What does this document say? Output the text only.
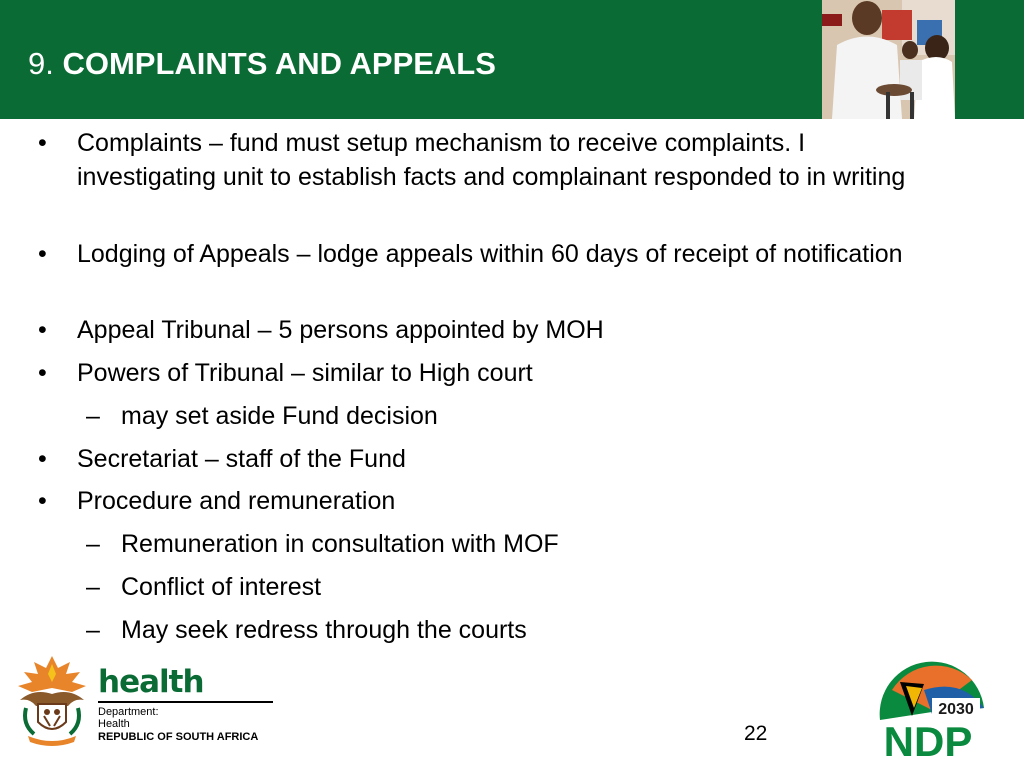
9. COMPLAINTS AND APPEALS
•	Complaints – fund must setup mechanism to receive complaints. I investigating unit to establish facts and complainant responded to in writing
•	Lodging of Appeals – lodge appeals within 60 days of receipt of notification
•	Appeal Tribunal – 5 persons appointed by MOH
•	Powers of Tribunal – similar to High court
– may set aside Fund decision
•	Secretariat – staff of the Fund
•	Procedure and remuneration
– Remuneration in consultation with MOF
– Conflict of interest
– May seek redress through the courts
health
Department:
Health
REPUBLIC OF SOUTH AFRICA	22
2030
NDP
